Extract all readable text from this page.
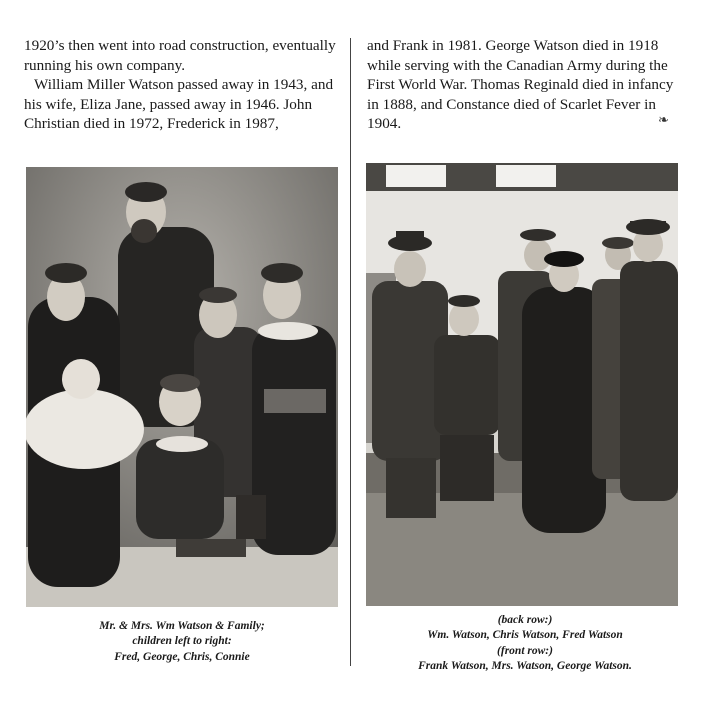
1920’s then went into road construction, eventually running his own company.

William Miller Watson passed away in 1943, and his wife, Eliza Jane, passed away in 1946. John Christian died in 1972, Frederick in 1987,

and Frank in 1981. George Watson died in 1918 while serving with the Canadian Army during the First World War. Thomas Reginald died in infancy in 1888, and Constance died of Scarlet Fever in 1904.	❧
Mr. & Mrs. Wm Watson & Family;
children left to right:
Fred, George, Chris, Connie
(back row:)
Wm. Watson, Chris Watson, Fred Watson
(front row:)
Frank Watson, Mrs. Watson, George Watson.
